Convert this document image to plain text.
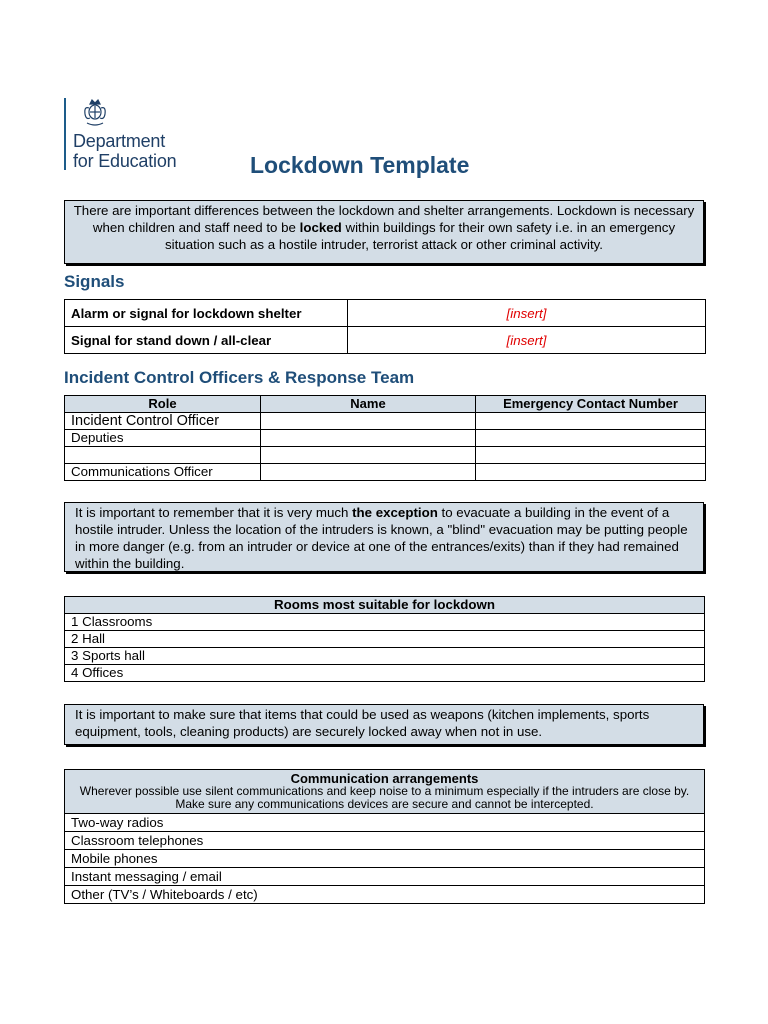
Department
for Education	Lockdown Template
There are important differences between the lockdown and shelter arrangements. Lockdown is necessary when children and staff need to be locked within buildings for their own safety i.e. in an emergency situation such as a hostile intruder, terrorist attack or other criminal activity.
Signals
Alarm or signal for lockdown shelter	[insert]
Signal for stand down / all-clear	[insert]
Incident Control Officers & Response Team
Role	Name	Emergency Contact Number
Incident Control Officer		
Deputies		

Communications Officer		
It is important to remember that it is very much the exception to evacuate a building in the event of a hostile intruder. Unless the location of the intruders is known, a "blind" evacuation may be putting people in more danger (e.g. from an intruder or device at one of the entrances/exits) than if they had remained within the building.
Rooms most suitable for lockdown
1 Classrooms
2 Hall
3 Sports hall
4 Offices
It is important to make sure that items that could be used as weapons (kitchen implements, sports equipment, tools, cleaning products) are securely locked away when not in use.
Communication arrangements
Wherever possible use silent communications and keep noise to a minimum especially if the intruders are close by. Make sure any communications devices are secure and cannot be intercepted.

Two-way radios
Classroom telephones
Mobile phones
Instant messaging / email
Other (TV’s / Whiteboards / etc)
